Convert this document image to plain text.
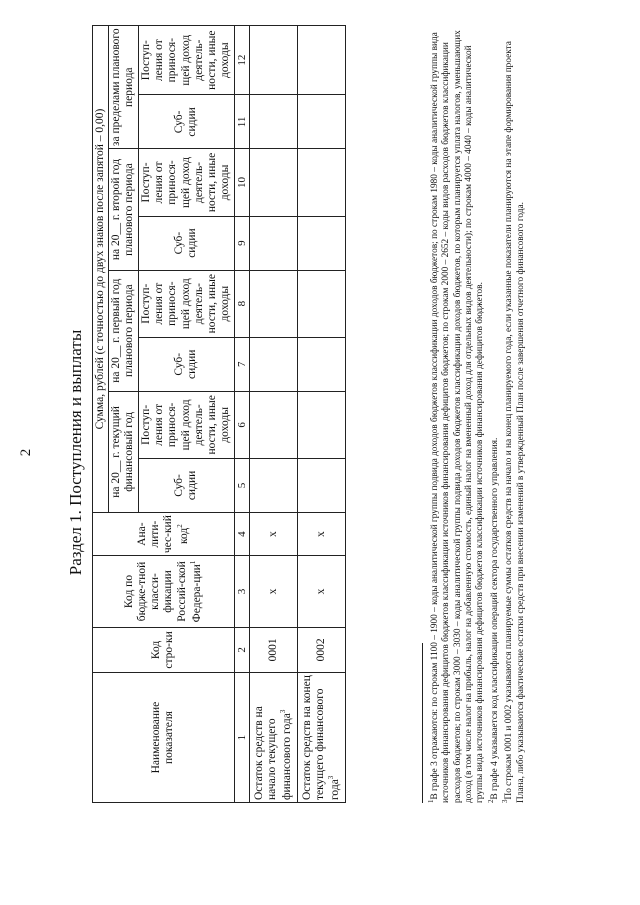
2 Раздел 1. Поступления и выплаты
Наименование показателя	Код стро-ки	Код по бюдже-тной класси-фикации Россий-ской Федера-ции$^1$	Ана-лити-чес-кий код$^2$	Сумма, рублей (с точностью до двух знаков после запятой – 0,00)							
				на 20__ г. текущий финансовый год		на 20__ г. первый год планового периода		на 20__ г. второй год планового периода		за пределами планового периода	
				Суб-сидии	Поступ-ления от принося-щей доход деятель-ности, иные доходы	Суб-сидии	Поступ-ления от принося-щей доход деятель-ности, иные доходы	Суб-сидии	Поступ-ления от принося-щей доход деятель-ности, иные доходы	Суб-сидии	Поступ-ления от принося-щей доход деятель-ности, иные доходы
1	2	3	4	5	6	7	8	9	10	11	12
Остаток средств на начало текущего финансового года$^3$	0001	x	x								
Остаток средств на конец текущего финансового года$^3$	0002	x	x								

$^1$В графе 3 отражаются: по строкам 1100 – 1900 – коды аналитической группы подвида доходов бюджетов классификации доходов бюджетов; по строкам 1980 – коды аналитической группы вида источников финансирования дефицитов бюджетов классификации источников финансирования дефицитов бюджетов; по строкам 2000 – 2652 – коды видов расходов бюджетов классификации расходов бюджетов; по строкам 3000 – 3030 – коды аналитической группы подвида доходов бюджетов классификации доходов бюджетов, по которым планируется уплата налогов, уменьшающих доход (в том числе налог на прибыль, налог на добавленную стоимость, единый налог на вмененный доход для отдельных видов деятельности); по строкам 4000 – 4040 – коды аналитической группы вида источников финансирования дефицитов бюджетов классификации источников финансирования дефицитов бюджетов. $^2$В графе 4 указывается код классификации операций сектора государственного управления.

$^3$По строкам 0001 и 0002 указываются планируемые суммы остатков средств на начало и на конец планируемого года, если указанные показатели планируются на этапе формирования проекта Плана, либо указываются фактические остатки средств при внесении изменений в утвержденный План после завершения отчетного финансового года.
